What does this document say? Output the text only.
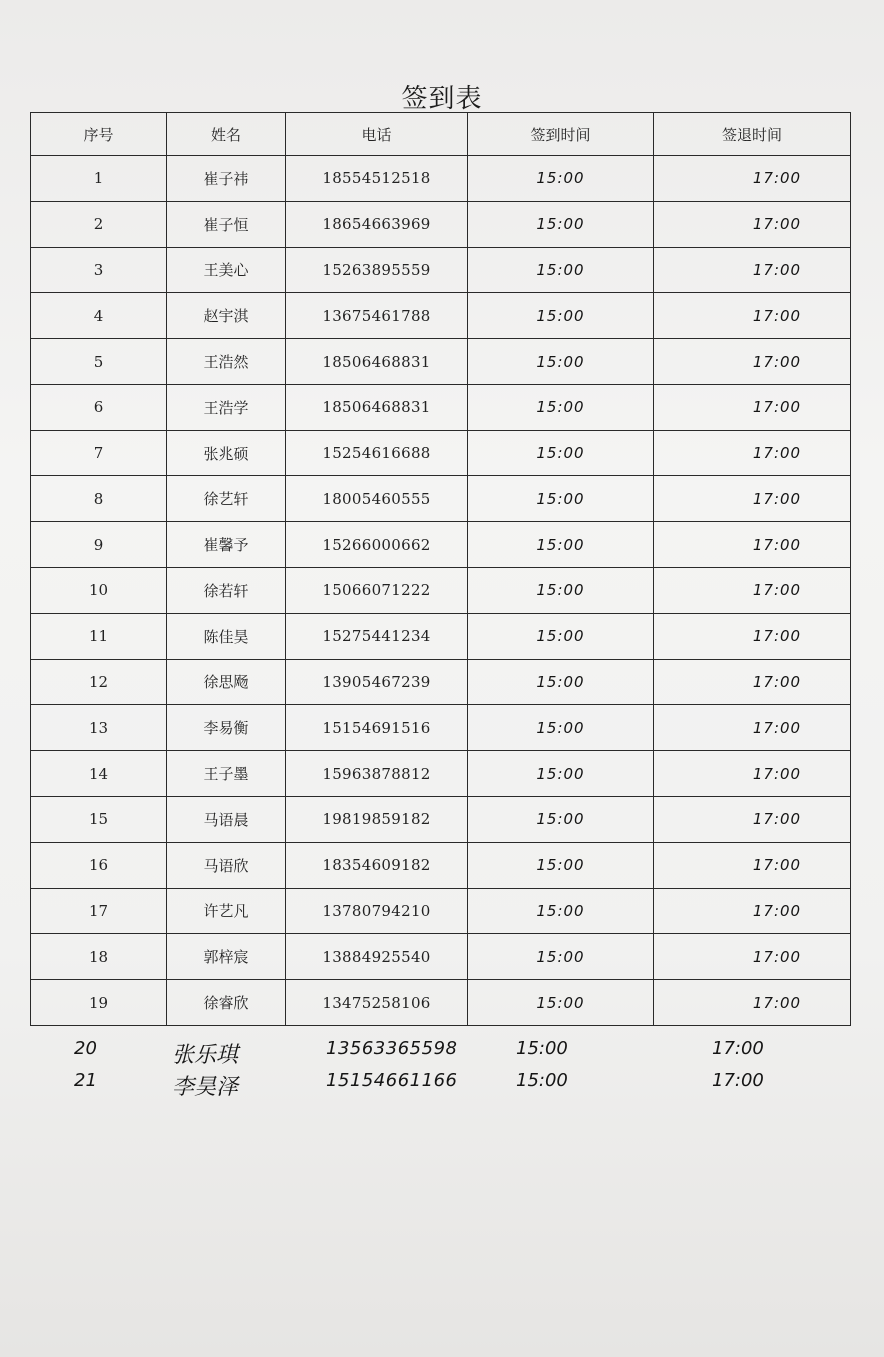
签到表
序号	姓名	电话	签到时间	签退时间
1	崔子祎	18554512518	15:00	17:00
2	崔子恒	18654663969	15:00	17:00
3	王美心	15263895559	15:00	17:00
4	赵宇淇	13675461788	15:00	17:00
5	王浩然	18506468831	15:00	17:00
6	王浩学	18506468831	15:00	17:00
7	张兆硕	15254616688	15:00	17:00
8	徐艺轩	18005460555	15:00	17:00
9	崔馨予	15266000662	15:00	17:00
10	徐若轩	15066071222	15:00	17:00
11	陈佳昊	15275441234	15:00	17:00
12	徐思飏	13905467239	15:00	17:00
13	李易衡	15154691516	15:00	17:00
14	王子墨	15963878812	15:00	17:00
15	马语晨	19819859182	15:00	17:00
16	马语欣	18354609182	15:00	17:00
17	许艺凡	13780794210	15:00	17:00
18	郭梓宸	13884925540	15:00	17:00
19	徐睿欣	13475258106	15:00	17:00
20	张乐琪	13563365598	15:00	17:00
21	李昊泽	15154661166	15:00	17:00
